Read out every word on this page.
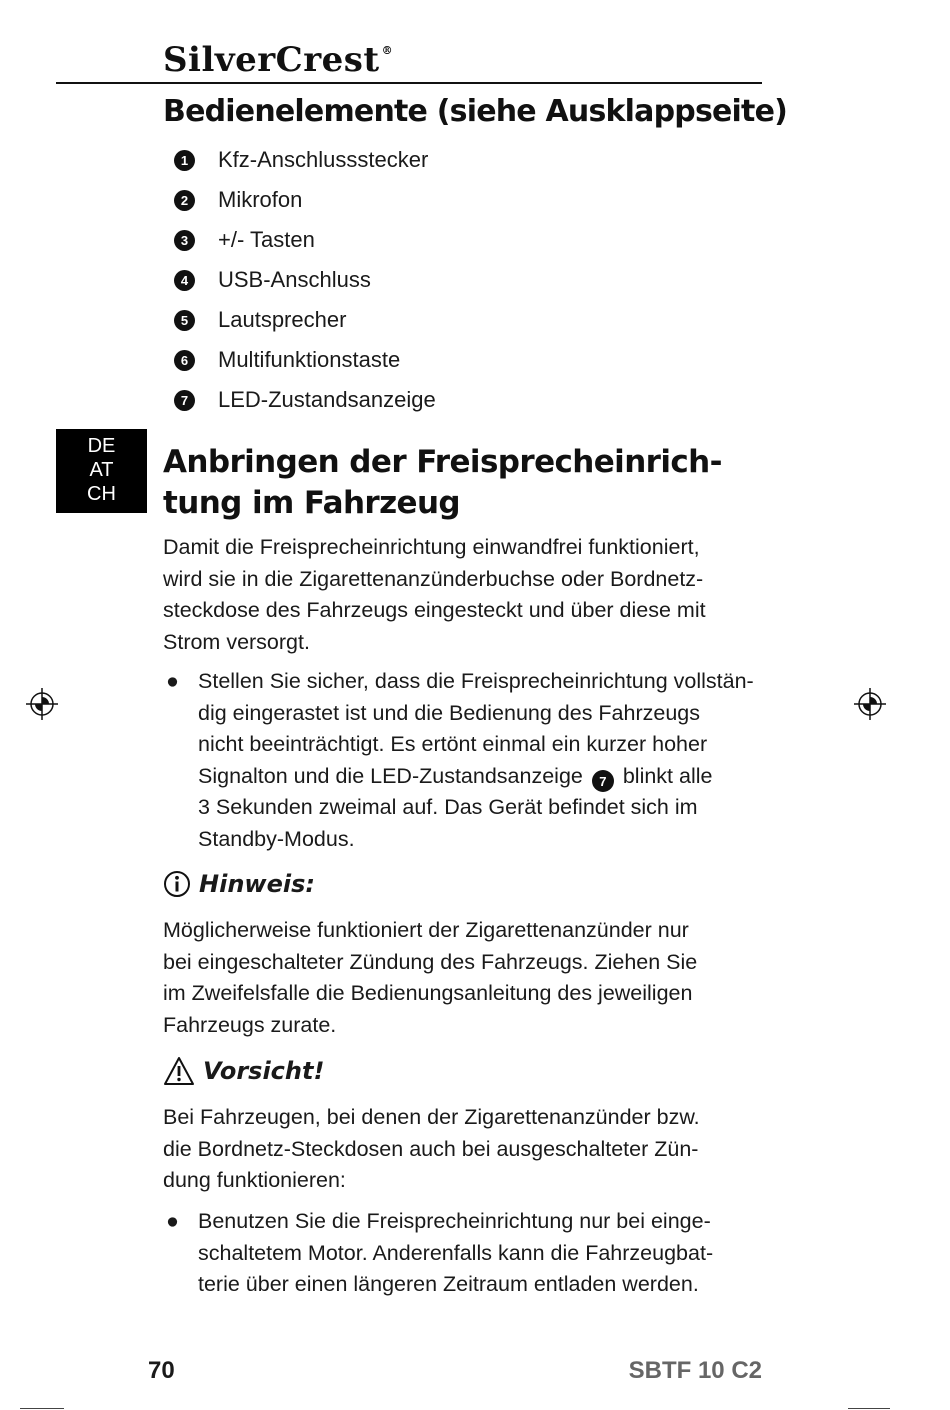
SilverCrest ®
Bedienelemente (siehe Ausklappseite)
1	Kfz-Anschlussstecker
2	Mikrofon
3	+/- Tasten
4	USB-Anschluss
5	Lautsprecher
6	Multifunktionstaste
7	LED-Zustandsanzeige
DE
AT
CH
Anbringen der Freisprecheinrich-
tung im Fahrzeug
Damit die Freisprecheinrichtung einwandfrei funktioniert,
wird sie in die Zigarettenanzünderbuchse oder Bordnetz-
steckdose des Fahrzeugs eingesteckt und über diese mit
Strom versorgt.
● Stellen Sie sicher, dass die Freisprecheinrichtung vollstän-
dig eingerastet ist und die Bedienung des Fahrzeugs
nicht beeinträchtigt. Es ertönt einmal ein kurzer hoher
Signalton und die LED-Zustandsanzeige 7 blinkt alle
3 Sekunden zweimal auf. Das Gerät befindet sich im
Standby-Modus.
Hinweis:
Möglicherweise funktioniert der Zigarettenanzünder nur
bei eingeschalteter Zündung des Fahrzeugs. Ziehen Sie
im Zweifelsfalle die Bedienungsanleitung des jeweiligen
Fahrzeugs zurate.
Vorsicht!
Bei Fahrzeugen, bei denen der Zigarettenanzünder bzw.
die Bordnetz-Steckdosen auch bei ausgeschalteter Zün-
dung funktionieren:
● Benutzen Sie die Freisprecheinrichtung nur bei einge-
schaltetem Motor. Anderenfalls kann die Fahrzeugbat-
terie über einen längeren Zeitraum entladen werden.
70	SBTF 10 C2
